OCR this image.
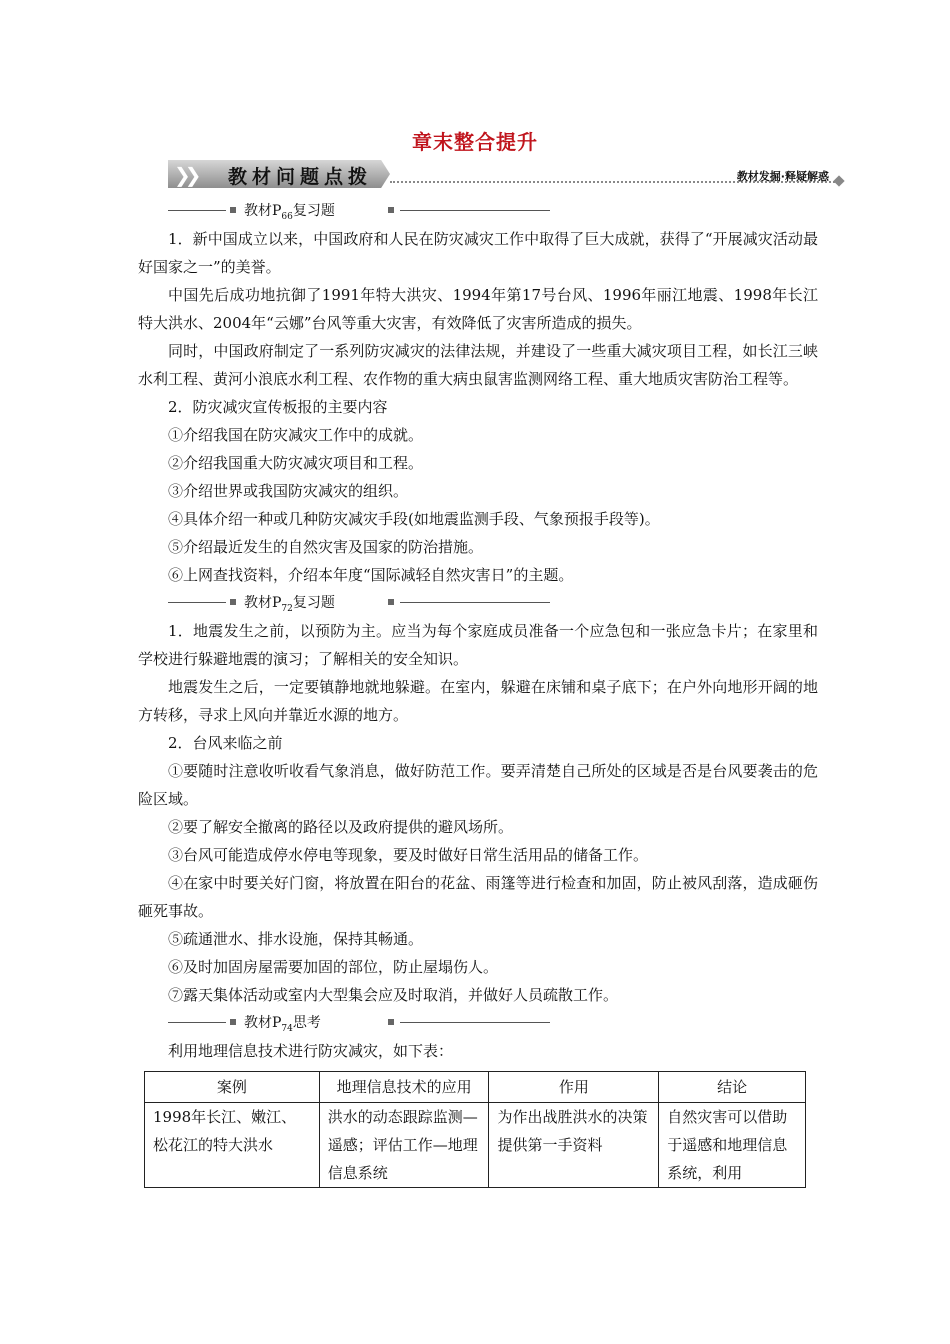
章末整合提升
❯❯ 教材问题点拨	教材发掘·释疑解惑
教材$P_{66}$复习题

1．新中国成立以来，中国政府和人民在防灾减灾工作中取得了巨大成就，获得了“开展减灾活动最好国家之一”的美誉。

中国先后成功地抗御了1991年特大洪灾、1994年第17号台风、1996年丽江地震、1998年长江特大洪水、2004年“云娜”台风等重大灾害，有效降低了灾害所造成的损失。

同时，中国政府制定了一系列防灾减灾的法律法规，并建设了一些重大减灾项目工程，如长江三峡水利工程、黄河小浪底水利工程、农作物的重大病虫鼠害监测网络工程、重大地质灾害防治工程等。

2．防灾减灾宣传板报的主要内容

①介绍我国在防灾减灾工作中的成就。

②介绍我国重大防灾减灾项目和工程。

③介绍世界或我国防灾减灾的组织。

④具体介绍一种或几种防灾减灾手段(如地震监测手段、气象预报手段等)。

⑤介绍最近发生的自然灾害及国家的防治措施。

⑥上网查找资料，介绍本年度“国际减轻自然灾害日”的主题。

教材$P_{72}$复习题

1．地震发生之前，以预防为主。应当为每个家庭成员准备一个应急包和一张应急卡片；在家里和学校进行躲避地震的演习；了解相关的安全知识。

地震发生之后，一定要镇静地就地躲避。在室内，躲避在床铺和桌子底下；在户外向地形开阔的地方转移，寻求上风向并靠近水源的地方。

2．台风来临之前

①要随时注意收听收看气象消息，做好防范工作。要弄清楚自己所处的区域是否是台风要袭击的危险区域。

②要了解安全撤离的路径以及政府提供的避风场所。

③台风可能造成停水停电等现象，要及时做好日常生活用品的储备工作。

④在家中时要关好门窗，将放置在阳台的花盆、雨篷等进行检查和加固，防止被风刮落，造成砸伤砸死事故。

⑤疏通泄水、排水设施，保持其畅通。

⑥及时加固房屋需要加固的部位，防止屋塌伤人。

⑦露天集体活动或室内大型集会应及时取消，并做好人员疏散工作。

教材$P_{74}$思考

利用地理信息技术进行防灾减灾，如下表：

案例	地理信息技术的应用	作用	结论
1998年长江、嫩江、松花江的特大洪水	洪水的动态跟踪监测—遥感；评估工作—地理信息系统	为作出战胜洪水的决策提供第一手资料	自然灾害可以借助于遥感和地理信息系统，利用
